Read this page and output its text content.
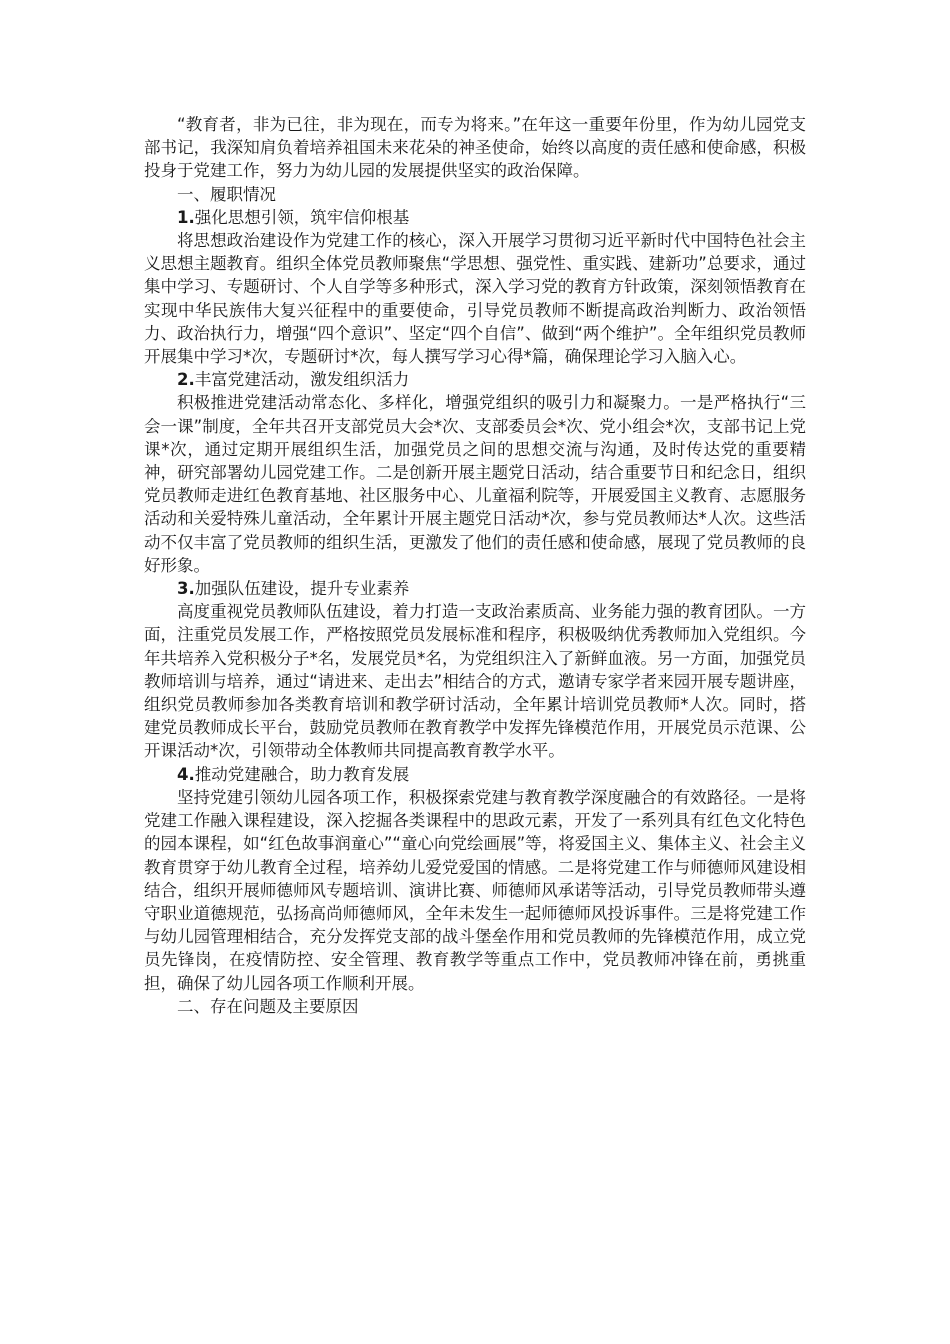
“教育者，非为已往，非为现在，而专为将来。”在年这一重要年份里，作为幼儿园党支部书记，我深知肩负着培养祖国未来花朵的神圣使命，始终以高度的责任感和使命感，积极投身于党建工作，努力为幼儿园的发展提供坚实的政治保障。

一、履职情况

1.强化思想引领，筑牢信仰根基

将思想政治建设作为党建工作的核心，深入开展学习贯彻习近平新时代中国特色社会主义思想主题教育。组织全体党员教师聚焦“学思想、强党性、重实践、建新功”总要求，通过集中学习、专题研讨、个人自学等多种形式，深入学习党的教育方针政策，深刻领悟教育在实现中华民族伟大复兴征程中的重要使命，引导党员教师不断提高政治判断力、政治领悟力、政治执行力，增强“四个意识”、坚定“四个自信”、做到“两个维护”。全年组织党员教师开展集中学习*次，专题研讨*次，每人撰写学习心得*篇，确保理论学习入脑入心。

2.丰富党建活动，激发组织活力

积极推进党建活动常态化、多样化，增强党组织的吸引力和凝聚力。一是严格执行“三会一课”制度，全年共召开支部党员大会*次、支部委员会*次、党小组会*次，支部书记上党课*次，通过定期开展组织生活，加强党员之间的思想交流与沟通，及时传达党的重要精神，研究部署幼儿园党建工作。二是创新开展主题党日活动，结合重要节日和纪念日，组织党员教师走进红色教育基地、社区服务中心、儿童福利院等，开展爱国主义教育、志愿服务活动和关爱特殊儿童活动，全年累计开展主题党日活动*次，参与党员教师达*人次。这些活动不仅丰富了党员教师的组织生活，更激发了他们的责任感和使命感，展现了党员教师的良好形象。

3.加强队伍建设，提升专业素养

高度重视党员教师队伍建设，着力打造一支政治素质高、业务能力强的教育团队。一方面，注重党员发展工作，严格按照党员发展标准和程序，积极吸纳优秀教师加入党组织。今年共培养入党积极分子*名，发展党员*名，为党组织注入了新鲜血液。另一方面，加强党员教师培训与培养，通过“请进来、走出去”相结合的方式，邀请专家学者来园开展专题讲座，组织党员教师参加各类教育培训和教学研讨活动，全年累计培训党员教师*人次。同时，搭建党员教师成长平台，鼓励党员教师在教育教学中发挥先锋模范作用，开展党员示范课、公开课活动*次，引领带动全体教师共同提高教育教学水平。

4.推动党建融合，助力教育发展

坚持党建引领幼儿园各项工作，积极探索党建与教育教学深度融合的有效路径。一是将党建工作融入课程建设，深入挖掘各类课程中的思政元素，开发了一系列具有红色文化特色的园本课程，如“红色故事润童心”“童心向党绘画展”等，将爱国主义、集体主义、社会主义教育贯穿于幼儿教育全过程，培养幼儿爱党爱国的情感。二是将党建工作与师德师风建设相结合，组织开展师德师风专题培训、演讲比赛、师德师风承诺等活动，引导党员教师带头遵守职业道德规范，弘扬高尚师德师风，全年未发生一起师德师风投诉事件。三是将党建工作与幼儿园管理相结合，充分发挥党支部的战斗堡垒作用和党员教师的先锋模范作用，成立党员先锋岗，在疫情防控、安全管理、教育教学等重点工作中，党员教师冲锋在前，勇挑重担，确保了幼儿园各项工作顺利开展。

二、存在问题及主要原因
